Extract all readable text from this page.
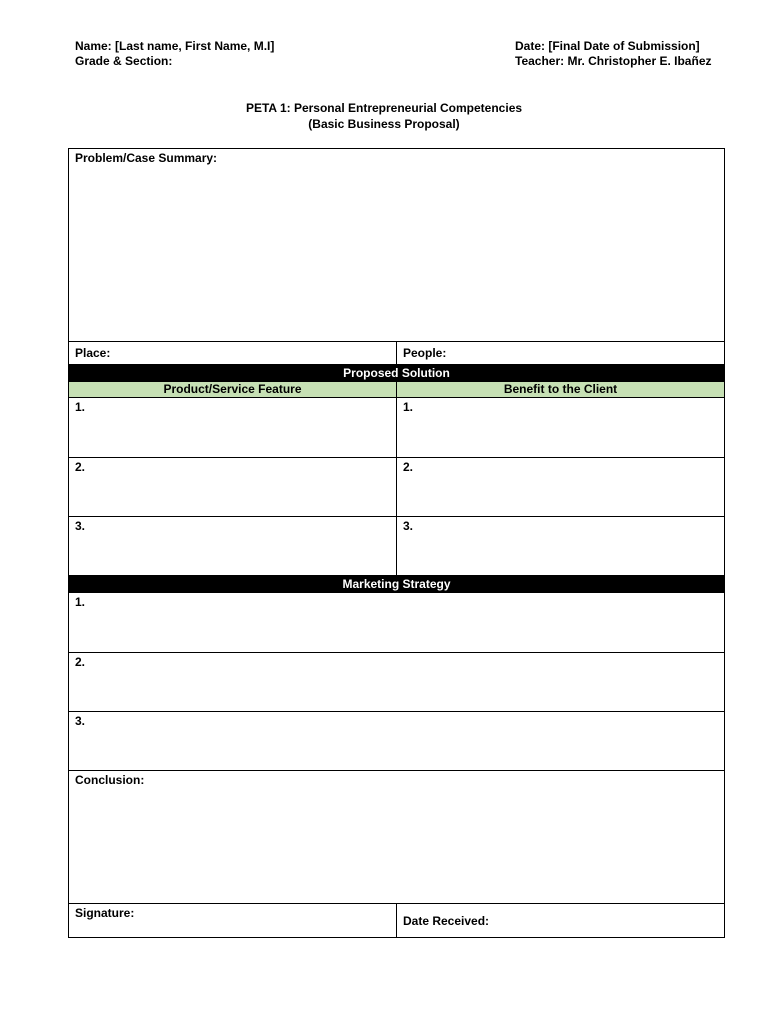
Name: [Last name, First Name, M.I]
Grade & Section:
Date: [Final Date of Submission]
Teacher: Mr. Christopher E. Ibañez
PETA 1: Personal Entrepreneurial Competencies
(Basic Business Proposal)
Problem/Case Summary:	

Place:	People:

Proposed Solution	
Product/Service Feature	Benefit to the Client

1.	1.

2.	2.

3.	3.

Marketing Strategy	

1.	

2.	

3.	

Conclusion:	

Signature:	Date Received:
